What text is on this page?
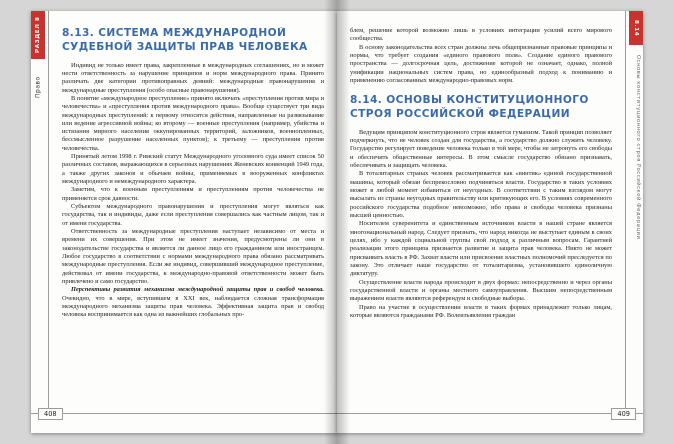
РАЗДЕЛ 8
Право
8.13. СИСТЕМА МЕЖДУНАРОДНОЙ СУДЕБНОЙ ЗАЩИТЫ ПРАВ ЧЕЛОВЕКА

Индивид не только имеет права, закрепленные в международных соглашениях, но и может нести ответственность за нарушение принципов и норм международного права. Принято различать две категории противоправных деяний: международные правонарушения и международные преступления (особо опасные правонарушения).

В понятие «международное преступление» принято включать «преступления против мира и человечества» и «преступления против международного права». Вообще существует три вида международных преступлений: к первому относятся действия, направленные на развязывание или ведение агрессивной войны; ко второму — военные преступления (например, убийства и истязания мирного населения оккупированных территорий, заложников, военнопленных, бессмысленное разрушение населенных пунктов); к третьему — преступления против человечества.

Принятый летом 1998 г. Римский статут Международного уголовного суда имеет список 50 различных составов, выражающихся в серьезных нарушениях Женевских конвенций 1949 года, а также других законов и обычаев войны, применяемых в вооруженных конфликтах международного и немеждународного характера.

Заметим, что к военным преступлениям и преступлениям против человечества не применяется срок давности.

Субъектом международного правонарушения и преступления могут являться как государства, так и индивиды, даже если преступления совершались как частным лицом, так и от имени государства.

Ответственность за международные преступления наступает независимо от места и времени их совершения. При этом не имеет значения, предусмотрены ли они в законодательстве государства и является ли данное лицо его гражданином или иностранцем. Любое государство в соответствии с нормами международного права обязано рассматривать международные преступления. Если же индивид, совершивший международное преступление, действовал от имени государства, к международно-правовой ответственности может быть привлечено и само государство.

Перспективы развития механизма международной защиты прав и свобод человека. Очевидно, что в мире, вступившем в XXI век, наблюдается сложная трансформация международного механизма защиты прав человека. Эффективная защита прав и свобод человека воспринимается как одна из важнейших глобальных про-

408
8.14
Основы конституционного строя Российской Федерации

блем, решение которой возможно лишь в условиях интеграции усилий всего мирового сообщества.

В основу законодательства всех стран должны лечь общепризнанные правовые принципы и нормы, что требует создания «единого правового поля». Создание единого правового пространства — долгосрочная цель, достижение которой не означает, однако, полной унификации национальных систем права, но единообразный подход к пониманию и применению согласованных международно-правовых норм.

8.14. ОСНОВЫ КОНСТИТУЦИОННОГО СТРОЯ РОССИЙСКОЙ ФЕДЕРАЦИИ

Ведущим принципом конституционного строя является гуманизм. Такой принцип позволяет подчеркнуть, что не человек создан для государства, а государство должно служить человеку. Государство регулирует поведение человека только в той мере, чтобы не затронуть его свободы и обеспечить общественные интересы. В этом смысле государство обязано признавать, обеспечивать и защищать человека.

В тоталитарных странах человек рассматривается как «винтик» единой государственной машины, который обязан беспрекословно подчиняться власти. Государство в таких условиях может в любой момент избавиться от неугодных. В соответствии с таким взглядом могут высылать из страны неугодных правительству или критикующих его. В условиях современного российского государства подобное невозможно, ибо права и свободы человека признаны высшей ценностью.

Носителем суверенитета и единственным источником власти в нашей стране является многонациональный народ. Следует признать, что народ никогда не выступает единым в своих целях, ибо у каждой социальной группы свой подход к различным вопросам. Гарантией реализации этого принципа признается развитие и защита прав человека. Никто не может присваивать власть в РФ. Захват власти или присвоение властных полномочий преследуется по закону. Это отличает наше государство от тоталитаризма, установившего единоличную диктатуру.

Осуществление власти народа происходит в двух формах: непосредственно и через органы государственной власти и органы местного самоуправления. Высшим непосредственным выражением власти являются референдум и свободные выборы.

Право на участие в осуществлении власти в таких формах принадлежит только лицам, которые являются гражданами РФ. Волеизъявления граждан

409
